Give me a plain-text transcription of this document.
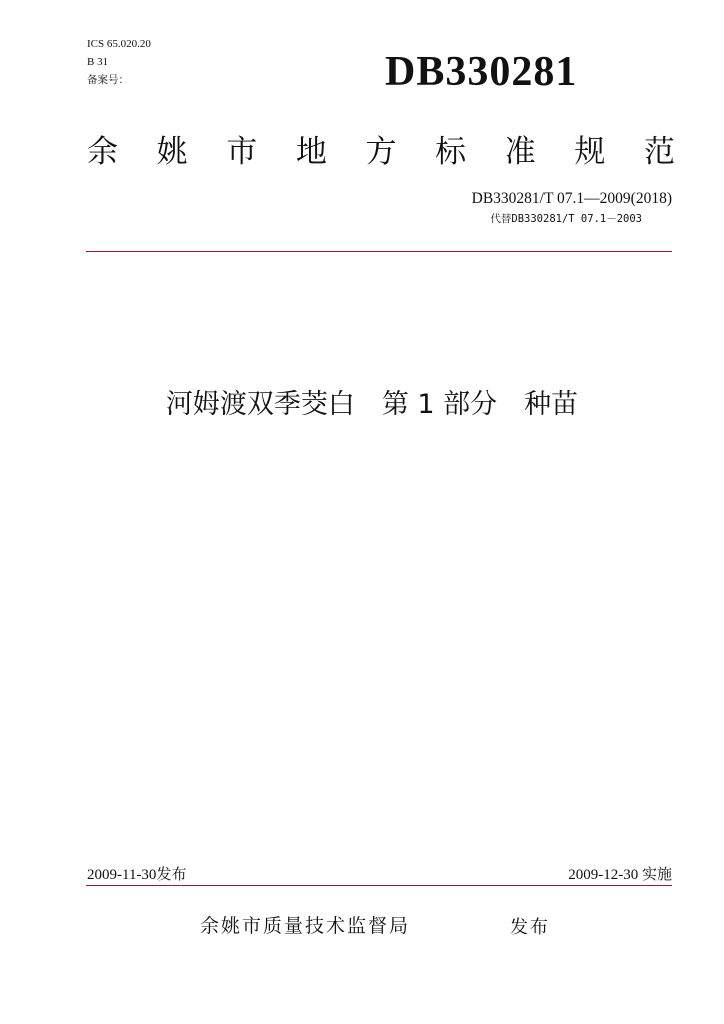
ICS 65.020.20
B 31
备案号：	DB330281
余 姚 市 地 方 标 准 规 范
DB330281/T 07.1—2009(2018)
代替DB330281/T 07.1－2003
河姆渡双季茭白　第 1 部分　种苗
2009-11-30发布	2009-12-30 实施
余姚市质量技术监督局	发布
